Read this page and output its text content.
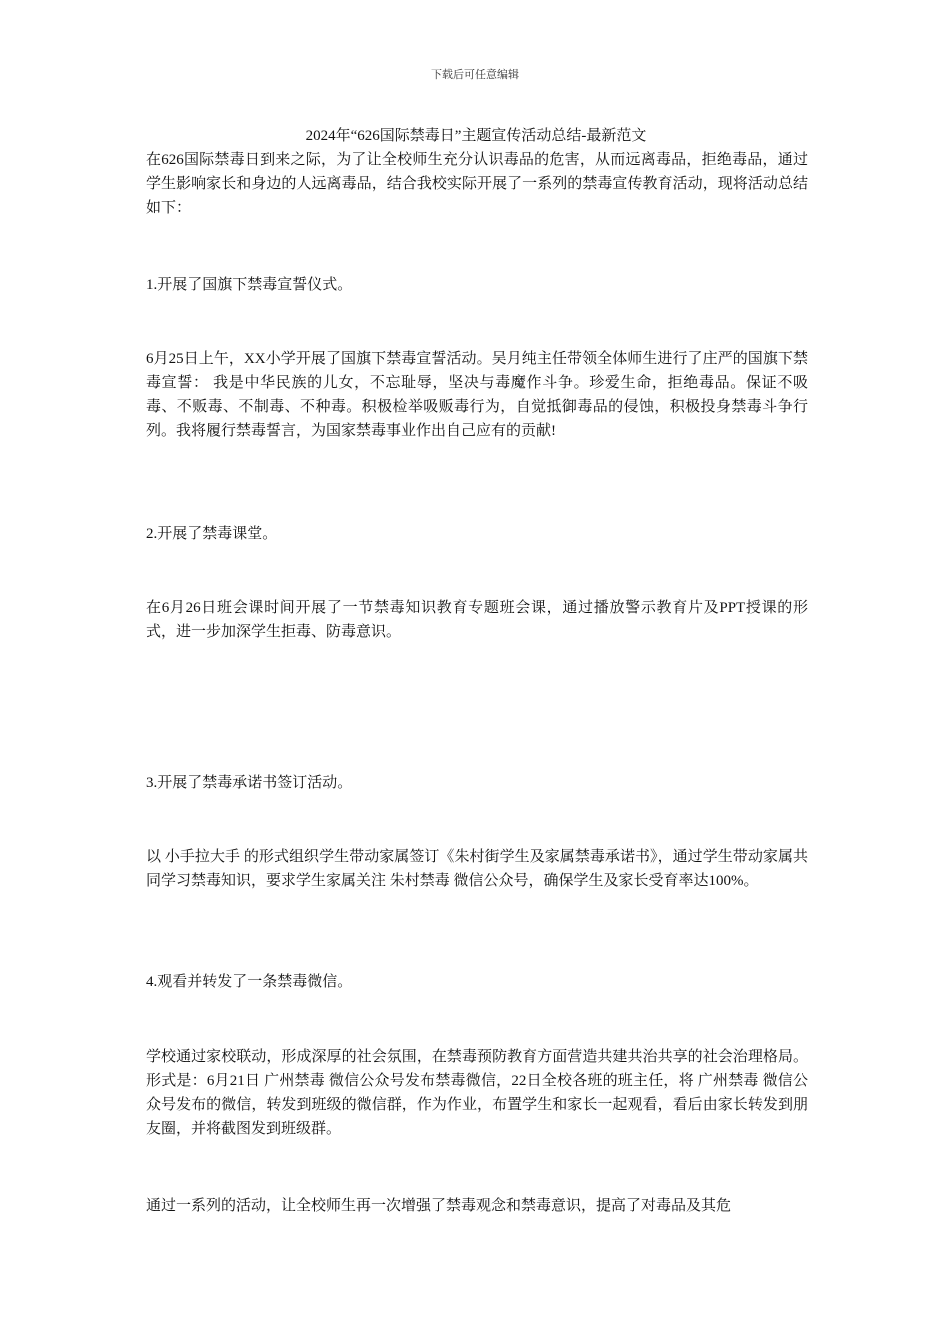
下载后可任意编辑
2024年“626国际禁毒日”主题宣传活动总结-最新范文

在626国际禁毒日到来之际，为了让全校师生充分认识毒品的危害，从而远离毒品，拒绝毒品，通过学生影响家长和身边的人远离毒品，结合我校实际开展了一系列的禁毒宣传教育活动，现将活动总结如下：

1.开展了国旗下禁毒宣誓仪式。

6月25日上午，XX小学开展了国旗下禁毒宣誓活动。吴月纯主任带领全体师生进行了庄严的国旗下禁毒宣誓： 我是中华民族的儿女，不忘耻辱，坚决与毒魔作斗争。珍爱生命，拒绝毒品。保证不吸毒、不贩毒、不制毒、不种毒。积极检举吸贩毒行为，自觉抵御毒品的侵蚀，积极投身禁毒斗争行列。我将履行禁毒誓言，为国家禁毒事业作出自己应有的贡献!

2.开展了禁毒课堂。

在6月26日班会课时间开展了一节禁毒知识教育专题班会课，通过播放警示教育片及PPT授课的形式，进一步加深学生拒毒、防毒意识。

3.开展了禁毒承诺书签订活动。

以 小手拉大手 的形式组织学生带动家属签订《朱村街学生及家属禁毒承诺书》，通过学生带动家属共同学习禁毒知识，要求学生家属关注 朱村禁毒 微信公众号，确保学生及家长受育率达100%。

4.观看并转发了一条禁毒微信。

学校通过家校联动，形成深厚的社会氛围，在禁毒预防教育方面营造共建共治共享的社会治理格局。形式是：6月21日 广州禁毒 微信公众号发布禁毒微信，22日全校各班的班主任，将 广州禁毒 微信公众号发布的微信，转发到班级的微信群，作为作业，布置学生和家长一起观看，看后由家长转发到朋友圈，并将截图发到班级群。

通过一系列的活动，让全校师生再一次增强了禁毒观念和禁毒意识，提高了对毒品及其危
